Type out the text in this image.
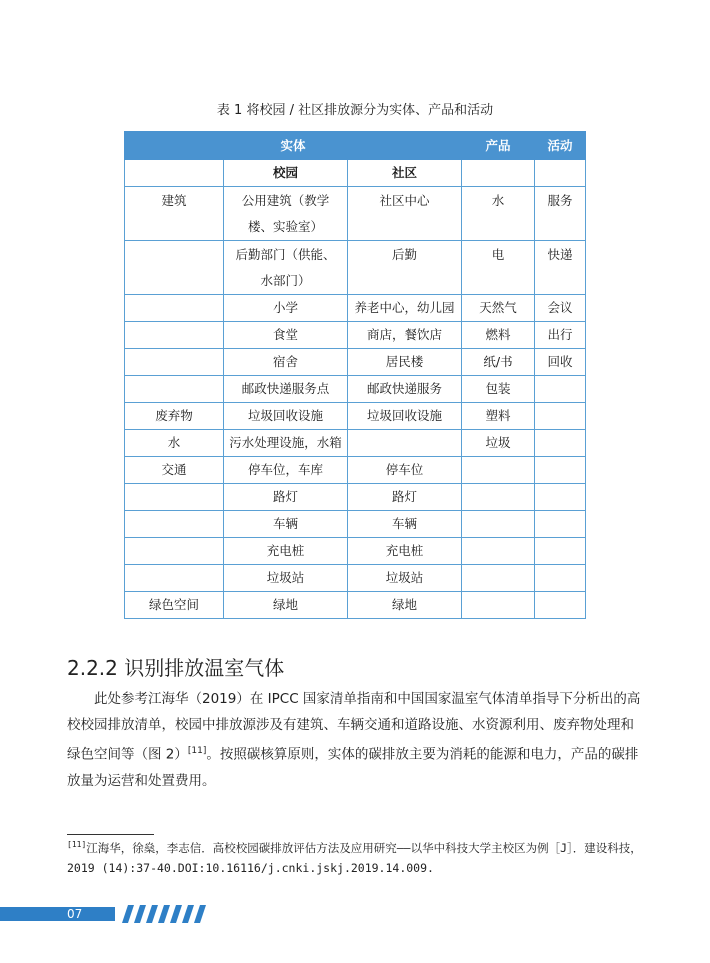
表 1 将校园 / 社区排放源分为实体、产品和活动
实体			产品	活动
	校园	社区		
建筑	公用建筑（教学楼、实验室）	社区中心	水	服务
	后勤部门（供能、水部门）	后勤	电	快递
	小学	养老中心，幼儿园	天然气	会议
	食堂	商店，餐饮店	燃料	出行
	宿舍	居民楼	纸/书	回收
	邮政快递服务点	邮政快递服务	包装	
废弃物	垃圾回收设施	垃圾回收设施	塑料	
水	污水处理设施，水箱		垃圾	
交通	停车位，车库	停车位		
	路灯	路灯		
	车辆	车辆		
	充电桩	充电桩		
	垃圾站	垃圾站		
绿色空间	绿地	绿地		
2.2.2 识别排放温室气体

  此处参考江海华（2019）在 IPCC 国家清单指南和中国国家温室气体清单指导下分析出的高校校园排放清单，校园中排放源涉及有建筑、车辆交通和道路设施、水资源利用、废弃物处理和绿色空间等（图 2）[11]。按照碳核算原则，实体的碳排放主要为消耗的能源和电力，产品的碳排放量为运营和处置费用。

[11]江海华，徐燊，李志信．高校校园碳排放评估方法及应用研究——以华中科技大学主校区为例［J］．建设科技，2019 (14):37-40.DOI:10.16116/j.cnki.jskj.2019.14.009.

07
